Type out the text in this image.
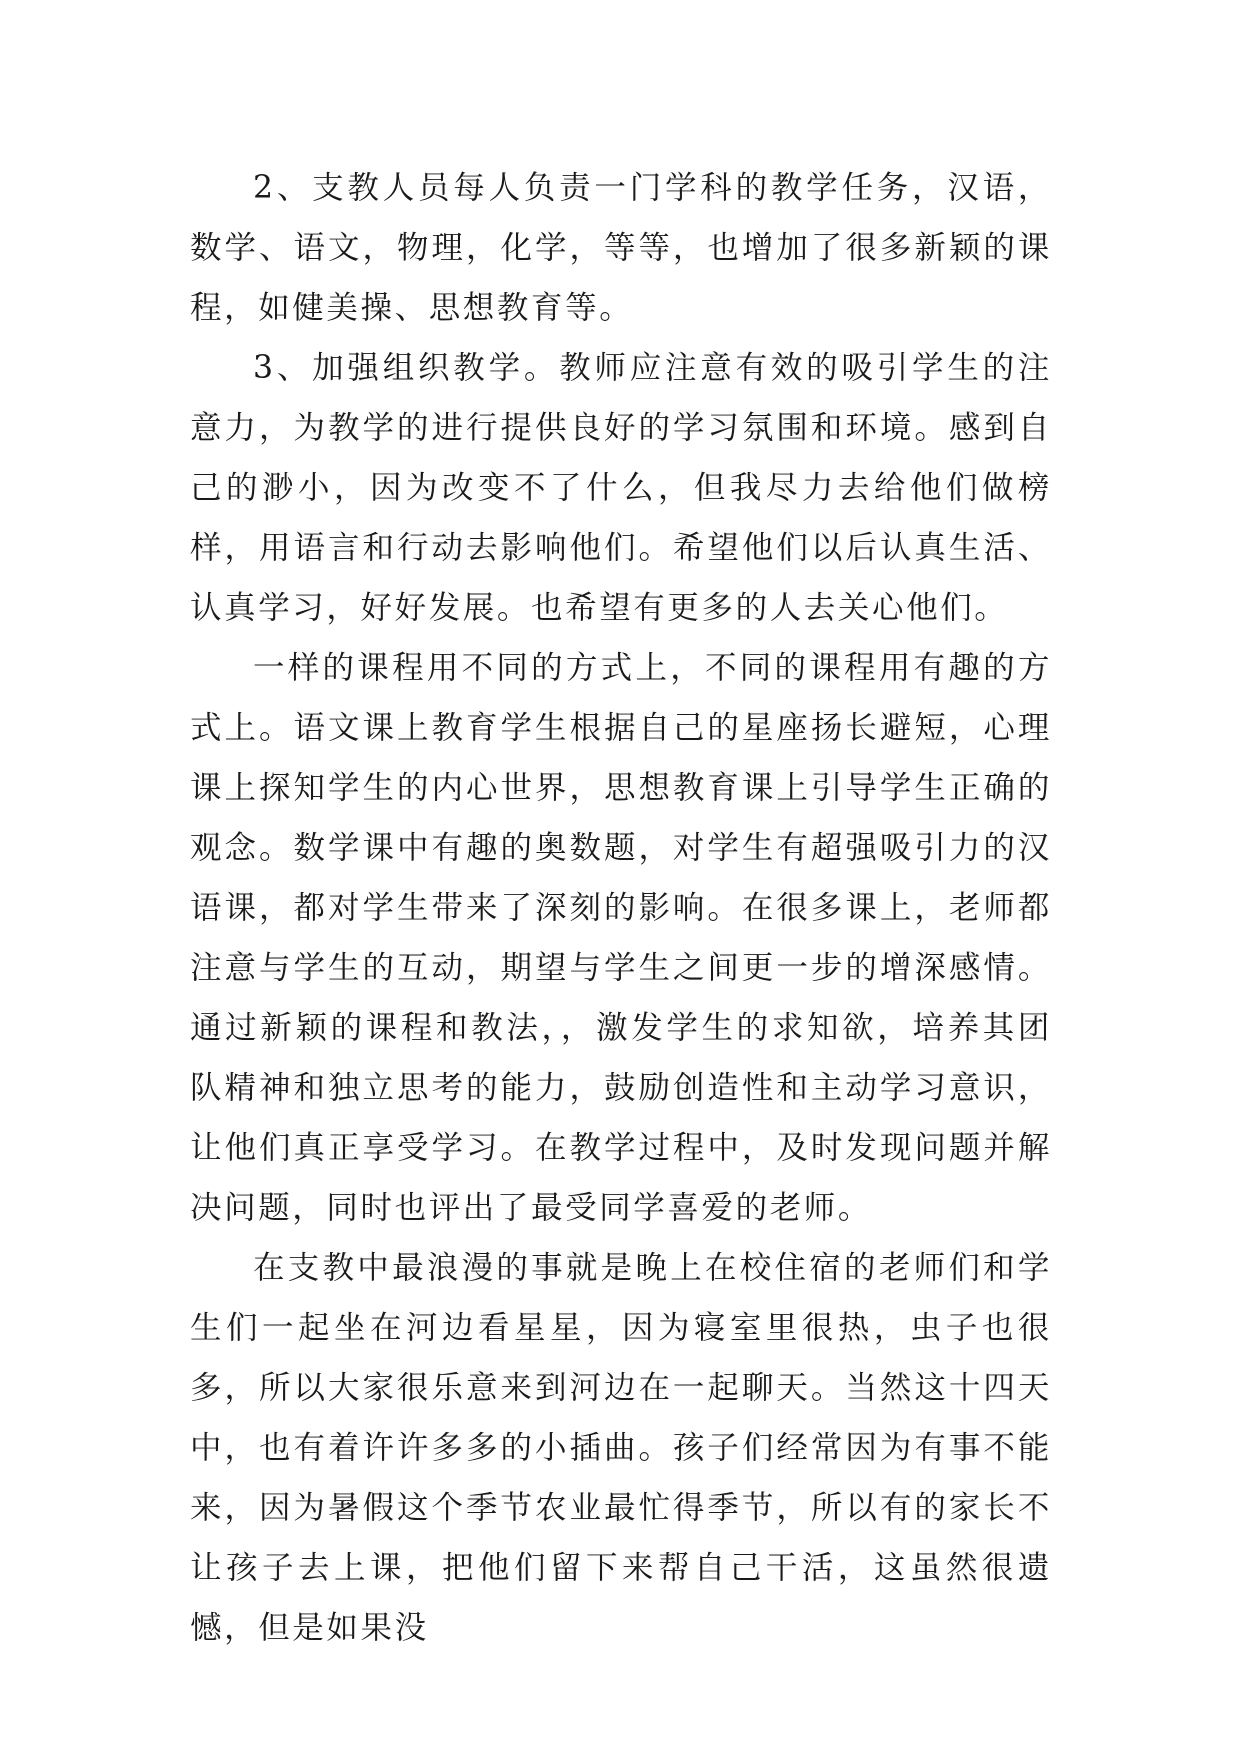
2、支教人员每人负责一门学科的教学任务，汉语，数学、语文，物理，化学，等等，也增加了很多新颖的课程，如健美操、思想教育等。

3、加强组织教学。教师应注意有效的吸引学生的注意力，为教学的进行提供良好的学习氛围和环境。感到自己的渺小，因为改变不了什么，但我尽力去给他们做榜样，用语言和行动去影响他们。希望他们以后认真生活、认真学习，好好发展。也希望有更多的人去关心他们。

一样的课程用不同的方式上，不同的课程用有趣的方式上。语文课上教育学生根据自己的星座扬长避短，心理课上探知学生的内心世界，思想教育课上引导学生正确的观念。数学课中有趣的奥数题，对学生有超强吸引力的汉语课，都对学生带来了深刻的影响。在很多课上，老师都注意与学生的互动，期望与学生之间更一步的增深感情。通过新颖的课程和教法，，激发学生的求知欲，培养其团队精神和独立思考的能力，鼓励创造性和主动学习意识，让他们真正享受学习。在教学过程中，及时发现问题并解决问题，同时也评出了最受同学喜爱的老师。

在支教中最浪漫的事就是晚上在校住宿的老师们和学生们一起坐在河边看星星，因为寝室里很热，虫子也很多，所以大家很乐意来到河边在一起聊天。当然这十四天中，也有着许许多多的小插曲。孩子们经常因为有事不能来，因为暑假这个季节农业最忙得季节，所以有的家长不让孩子去上课，把他们留下来帮自己干活，这虽然很遗憾，但是如果没
